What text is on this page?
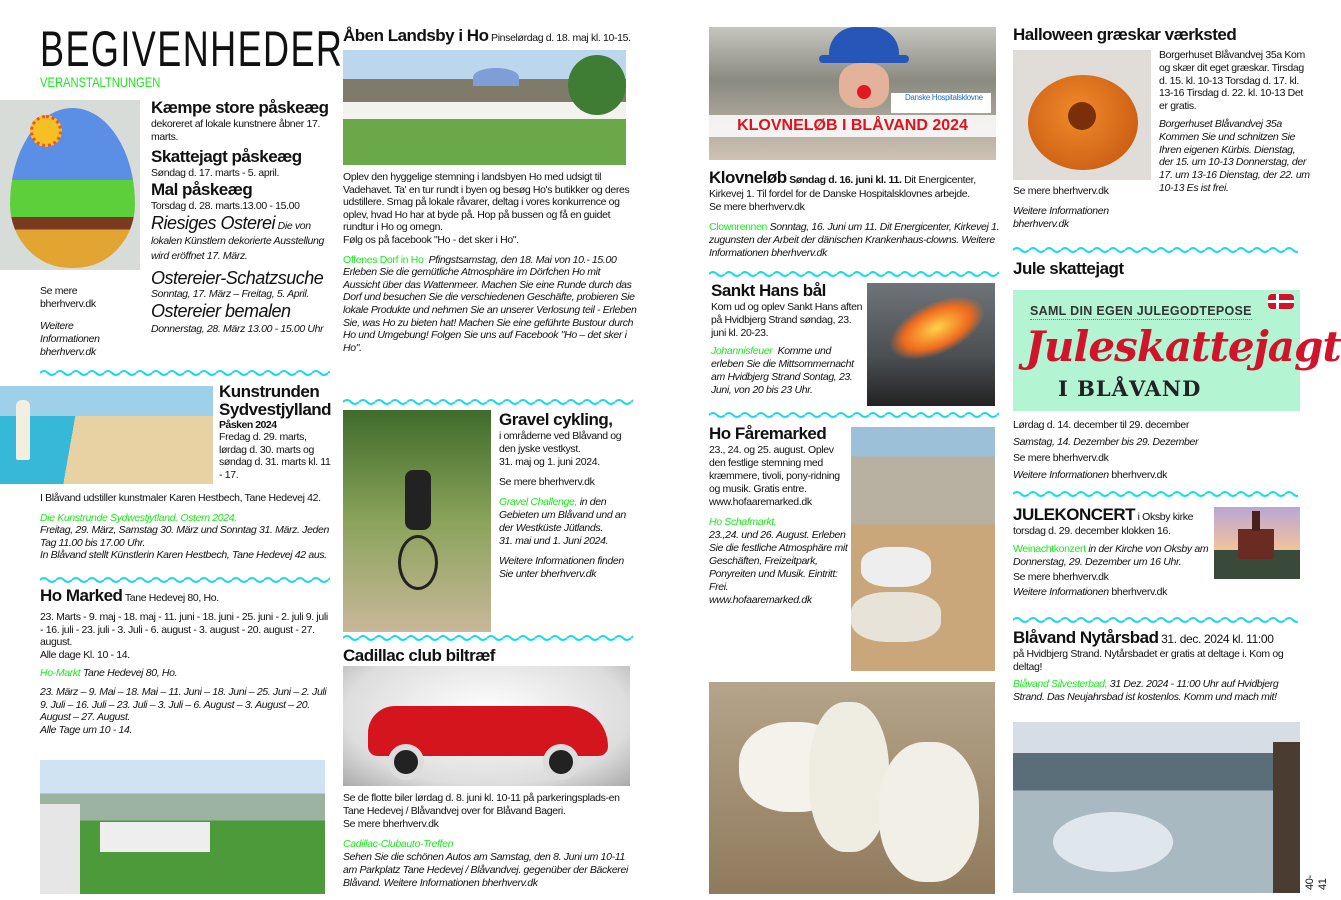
BEGIVENHEDER
VERANSTALTNUNGEN
Kæmpe store påskeæg
dekoreret af lokale kunstnere åbner 17. marts.
Skattejagt påskeæg
Søndag d. 17. marts - 5. april.
Mal påskeæg
Torsdag d. 28. marts.13.00 - 15.00
Riesiges Osterei Die von lokalen Künstlern dekorierte Ausstellung wird eröffnet 17. März.
Ostereier-Schatzsuche
Sonntag, 17. März – Freitag, 5. April.
Ostereier bemalen Donnerstag, 28. März 13.00 - 15.00 Uhr
Se mere bherhverv.dk
Weitere Informationen bherhverv.dk
Kunstrunden Sydvestjylland
Påsken 2024
Fredag d. 29. marts, lørdag d. 30. marts og søndag d. 31. marts kl. 11 - 17.

I Blåvand udstiller kunstmaler Karen Hestbech, Tane Hedevej 42.

Die Kunstrunde Sydwestjytland. Ostern 2024.
Freitag, 29. März, Samstag 30. März und Sonntag 31. März. Jeden Tag 11.00 bis 17.00 Uhr.
In Blåvand stellt Künstlerin Karen Hestbech, Tane Hedevej 42 aus.

Ho Marked Tane Hedevej 80, Ho.

23. Marts - 9. maj - 18. maj - 11. juni - 18. juni - 25. juni - 2. juli 9. juli - 16. juli - 23. juli - 3. Juli - 6. august - 3. august - 20. august - 27. august.

Alle dage Kl. 10 - 14.

Ho-Markt Tane Hedevej 80, Ho.

23. März – 9. Mai – 18. Mai – 11. Juni – 18. Juni – 25. Juni – 2. Juli 9. Juli – 16. Juli – 23. Juli – 3. Juli – 6. August – 3. August – 20. August – 27. August.
Alle Tage um 10 - 14.
Åben Landsby i Ho Pinselørdag d. 18. maj kl. 10-15.
Oplev den hyggelige stemning i landsbyen Ho med udsigt til Vadehavet. Ta' en tur rundt i byen og besøg Ho's butikker og deres udstillere. Smag på lokale råvarer, deltag i vores konkurrence og oplev, hvad Ho har at byde på. Hop på bussen og få en guidet rundtur i Ho og omegn.

Følg os på facebook "Ho - det sker i Ho".

Offenes Dorf in Ho Pfingstsamstag, den 18. Mai von 10.- 15.00
Erleben Sie die gemütliche Atmosphäre im Dörfchen Ho mit Aussicht über das Wattenmeer. Machen Sie eine Runde durch das Dorf und besuchen Sie die verschiedenen Geschäfte, probieren Sie lokale Produkte und nehmen Sie an unserer Verlosung teil - Erleben Sie, was Ho zu bieten hat! Machen Sie eine geführte Bustour durch Ho und Umgebung! Folgen Sie uns auf Facebook "Ho – det sker i Ho".
Gravel cykling,
i områderne ved Blåvand og den jyske vestkyst.

31. maj og 1. juni 2024.

Se mere bherhverv.dk

Gravel Challenge, in den Gebieten um Blåvand und an der Westküste Jütlands.

31. mai und 1. Juni 2024.

Weitere Informationen finden Sie unter bherhverv.dk
Cadillac club biltræf
Se de flotte biler lørdag d. 8. juni kl. 10-11 på parkeringsplads-en Tane Hedevej / Blåvandvej over for Blåvand Bageri.

Se mere bherhverv.dk

Cadillac-Clubauto-Treffen
Sehen Sie die schönen Autos am Samstag, den 8. Juni um 10-11 am Parkplatz Tane Hedevej / Blåvandvej. gegenüber der Bäckerei Blåvand. Weitere Informationen bherhverv.dk
Danske Hospitalsklovne
KLOVNELØB I BLÅVAND 2024
Klovneløb Søndag d. 16. juni kl. 11. Dit Energicenter, Kirkevej 1. Til fordel for de Danske Hospitalsklovnes arbejde.

Se mere bherhverv.dk

Clownrennen Sonntag, 16. Juni um 11. Dit Energicenter, Kirkevej 1. zugunsten der Arbeit der dänischen Krankenhaus-clowns. Weitere Informationen bherhverv.dk
Sankt Hans bål

Kom ud og oplev Sankt Hans aften på Hvidbjerg Strand søndag, 23. juni kl. 20-23.

Johannisfeuer Komme und erleben Sie die Mittsommernacht am Hvidbjerg Strand Sontag, 23. Juni, von 20 bis 23 Uhr.
Ho Fåremarked
23., 24. og 25. august. Oplev den festlige stemning med kræmmere, tivoli, pony-ridning og musik. Gratis entre.

www.hofaaremarked.dk

Ho Schafmarkt,
23.,24. und 26. August. Erleben Sie die festliche Atmosphäre mit Geschäften, Freizeitpark, Ponyreiten und Musik. Eintritt: Frei.
www.hofaaremarked.dk
Halloween græskar værksted

Borgerhuset Blåvandvej 35a Kom og skær dit eget græskar. Tirsdag d. 15. kl. 10-13 Torsdag d. 17. kl. 13-16 Tirsdag d. 22. kl. 10-13 Det er gratis.

Borgerhuset Blåvandvej 35a Kommen Sie und schnitzen Sie Ihren eigenen Kürbis. Dienstag, der 15. um 10-13 Donnerstag, der 17. um 13-16 Dienstag, der 22. um 10-13 Es ist frei.

Se mere bherhverv.dk

Weitere Informationen bherhverv.dk
Jule skattejagt
SAML DIN EGEN JULEGODTEPOSE
Juleskattejagt
I BLÅVAND
Lørdag d. 14. december til 29. december
Samstag, 14. Dezember bis 29. Dezember
Se mere bherhverv.dk
Weitere Informationen bherhverv.dk
JULEKONCERT i Oksby kirke

torsdag d. 29. december klokken 16.

Weinachtkonzert in der Kirche von Oksby am Donnerstag, 29. Dezember um 16 Uhr.
Se mere bherhverv.dk
Weitere Informationen bherhverv.dk
Blåvand Nytårsbad 31. dec. 2024 kl. 11:00

på Hvidbjerg Strand. Nytårsbadet er gratis at deltage i. Kom og deltag!

Blåvand Silvesterbad, 31 Dez. 2024 - 11:00 Uhr auf Hvidbjerg Strand. Das Neujahrsbad ist kostenlos. Komm und mach mit!
40-41
